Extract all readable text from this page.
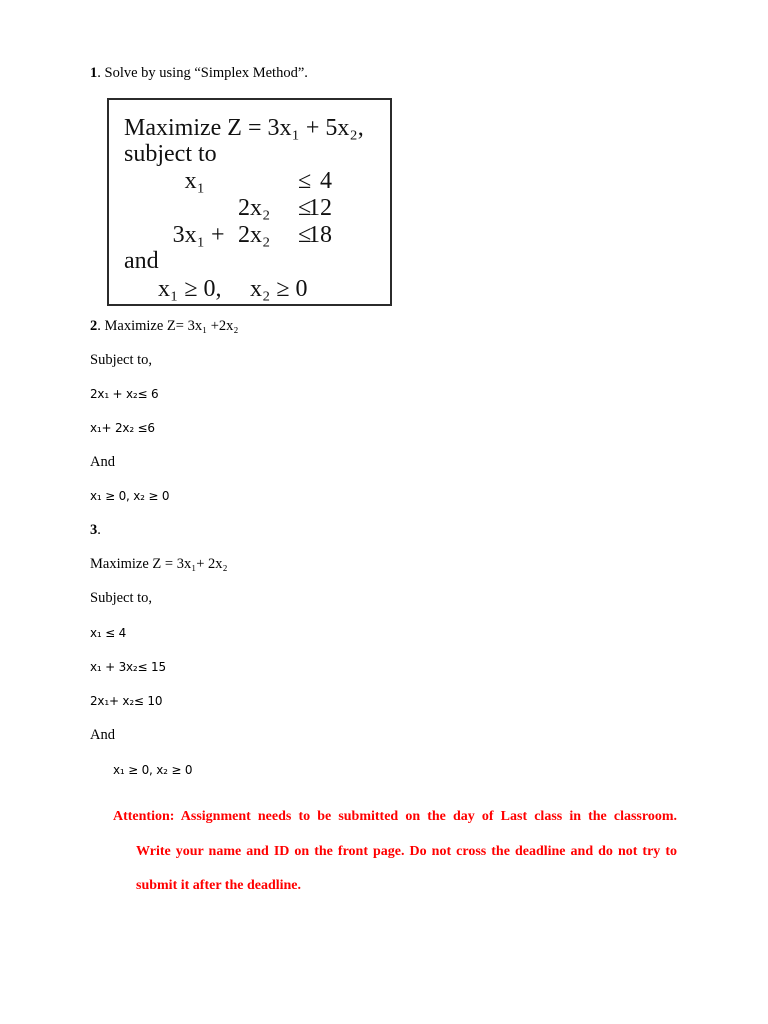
1. Solve by using “Simplex Method”.
Maximize Z = 3x₁ + 5x₂,
subject to
x₁	≤ 4
2x₂ ≤
12
3x₁ + 2x₂ ≤
18
and
x₁ ≥ 0, x₂ ≥ 0
2. Maximize Z= 3x₁ +2x₂
Subject to,
2x₁ + x₂≤ 6
x₁+ 2x₂ ≤6
And
x₁ ≥ 0, x₂ ≥ 0
3.
Maximize Z = 3x₁+ 2x₂
Subject to,
x₁ ≤ 4
x₁ + 3x₂≤ 15
2x₁+ x₂≤ 10
And
x₁ ≥ 0, x₂ ≥ 0
Attention: Assignment needs to be submitted on the day of Last class in the classroom.
Write your name and ID on the front page. Do not cross the deadline and do not try to
submit it after the deadline.
